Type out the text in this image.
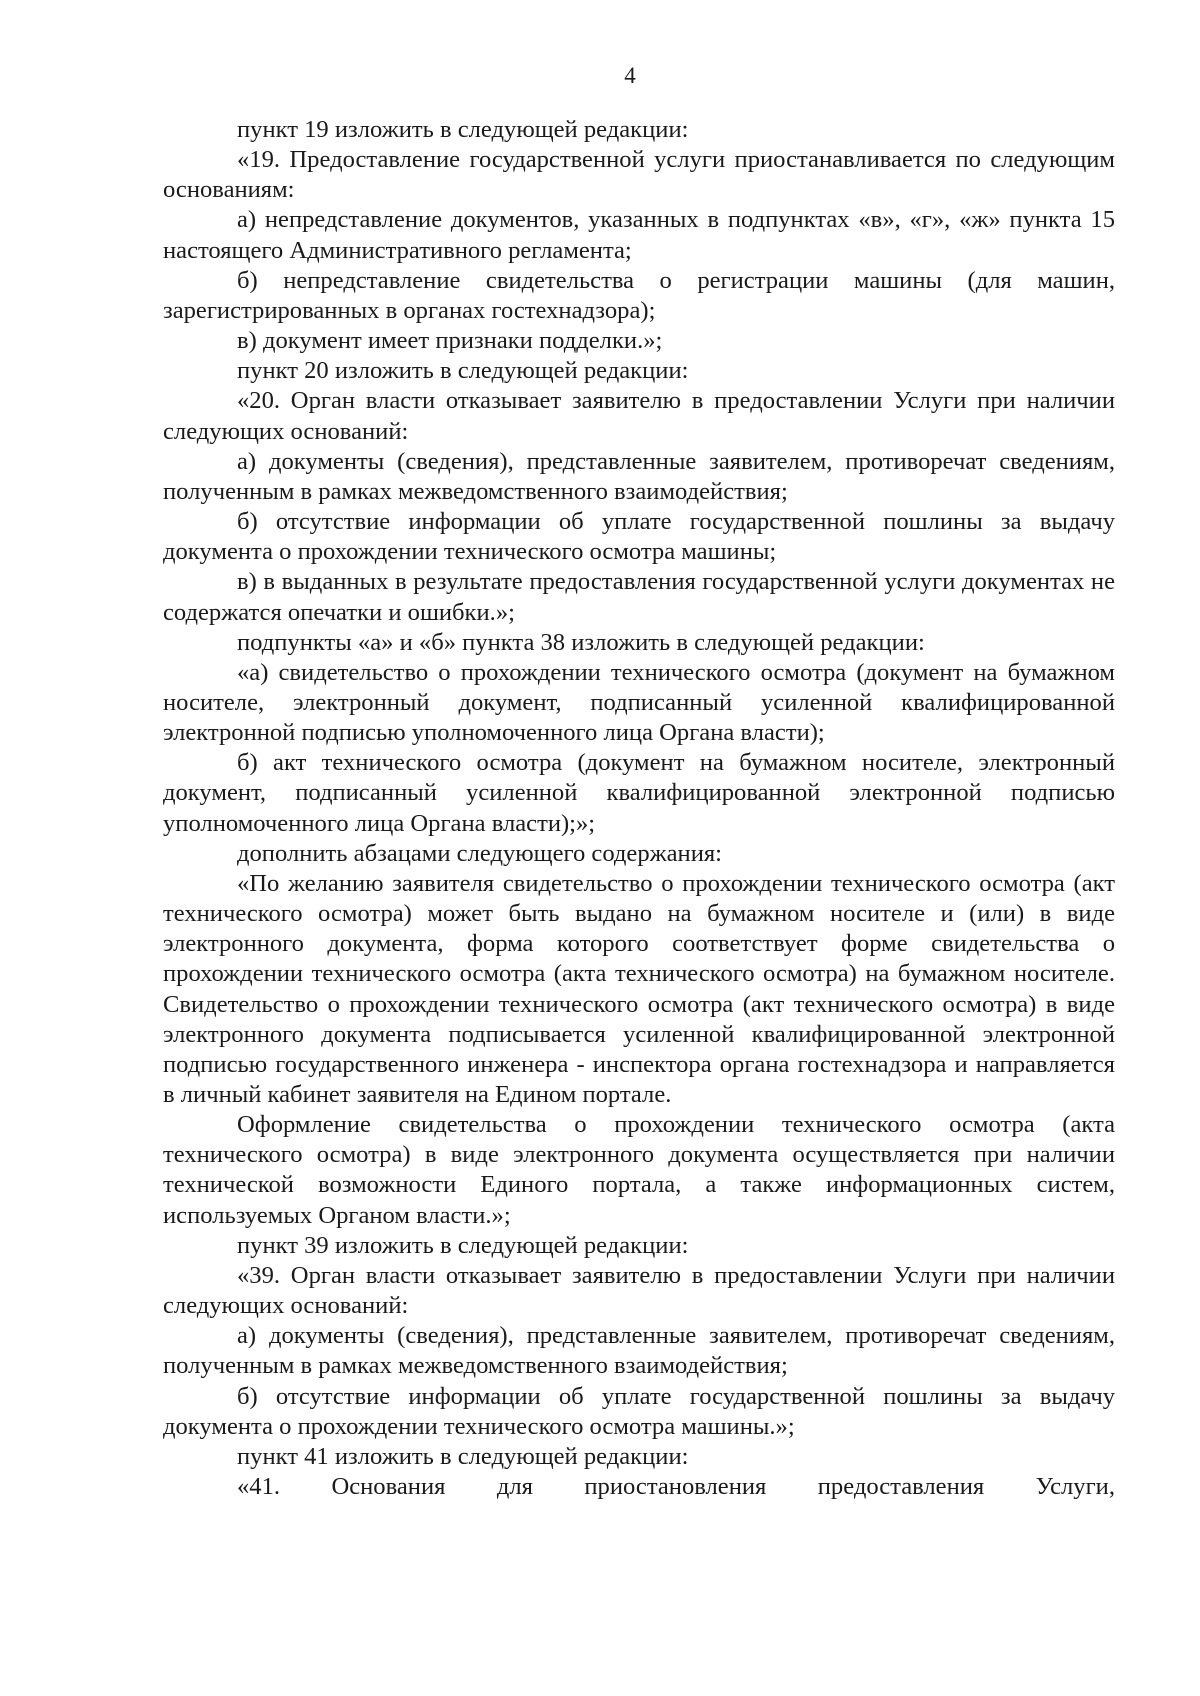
4

пункт 19 изложить в следующей редакции:

«19. Предоставление государственной услуги приостанавливается по следующим основаниям:

а) непредставление документов, указанных в подпунктах «в», «г», «ж» пункта 15 настоящего Административного регламента;

б) непредставление свидетельства о регистрации машины (для машин, зарегистрированных в органах гостехнадзора);

в) документ имеет признаки подделки.»;

пункт 20 изложить в следующей редакции:

«20. Орган власти отказывает заявителю в предоставлении Услуги при наличии следующих оснований:

а) документы (сведения), представленные заявителем, противоречат сведениям, полученным в рамках межведомственного взаимодействия;

б) отсутствие информации об уплате государственной пошлины за выдачу документа о прохождении технического осмотра машины;

в) в выданных в результате предоставления государственной услуги документах не содержатся опечатки и ошибки.»;

подпункты «а» и «б» пункта 38 изложить в следующей редакции:

«а) свидетельство о прохождении технического осмотра (документ на бумажном носителе, электронный документ, подписанный усиленной квалифицированной электронной подписью уполномоченного лица Органа власти);

б) акт технического осмотра (документ на бумажном носителе, электронный документ, подписанный усиленной квалифицированной электронной подписью уполномоченного лица Органа власти);»;

дополнить абзацами следующего содержания:

«По желанию заявителя свидетельство о прохождении технического осмотра (акт технического осмотра) может быть выдано на бумажном носителе и (или) в виде электронного документа, форма которого соответствует форме свидетельства о прохождении технического осмотра (акта технического осмотра) на бумажном носителе. Свидетельство о прохождении технического осмотра (акт технического осмотра) в виде электронного документа подписывается усиленной квалифицированной электронной подписью государственного инженера - инспектора органа гостехнадзора и направляется в личный кабинет заявителя на Едином портале.

Оформление свидетельства о прохождении технического осмотра (акта технического осмотра) в виде электронного документа осуществляется при наличии технической возможности Единого портала, а также информационных систем, используемых Органом власти.»;

пункт 39 изложить в следующей редакции:

«39. Орган власти отказывает заявителю в предоставлении Услуги при наличии следующих оснований:

а) документы (сведения), представленные заявителем, противоречат сведениям, полученным в рамках межведомственного взаимодействия;

б) отсутствие информации об уплате государственной пошлины за выдачу документа о прохождении технического осмотра машины.»;

пункт 41 изложить в следующей редакции:

«41. Основания для приостановления предоставления Услуги,
